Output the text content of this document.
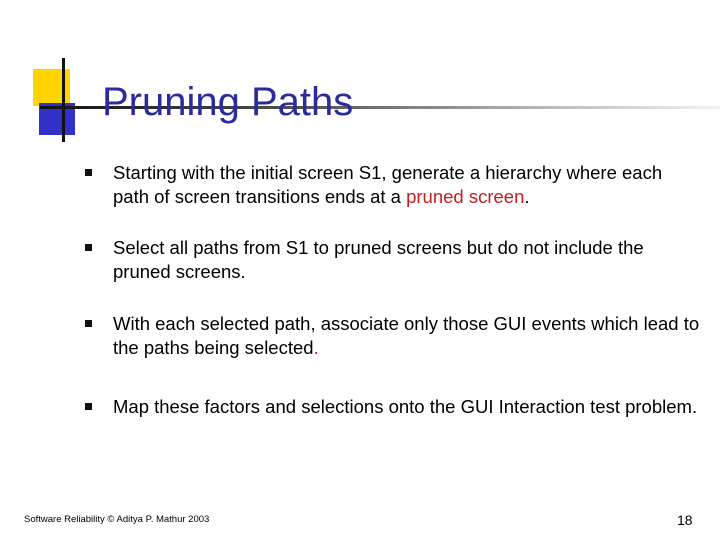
Pruning Paths
Starting with the initial screen S1, generate a hierarchy where each path of screen transitions ends at a pruned screen.
Select all paths from S1 to pruned screens but do not include the pruned screens.
With each selected path, associate only those GUI events which lead to the paths being selected.
Map these factors and selections onto the GUI Interaction test problem.
Software Reliability © Aditya P. Mathur 2003	18
